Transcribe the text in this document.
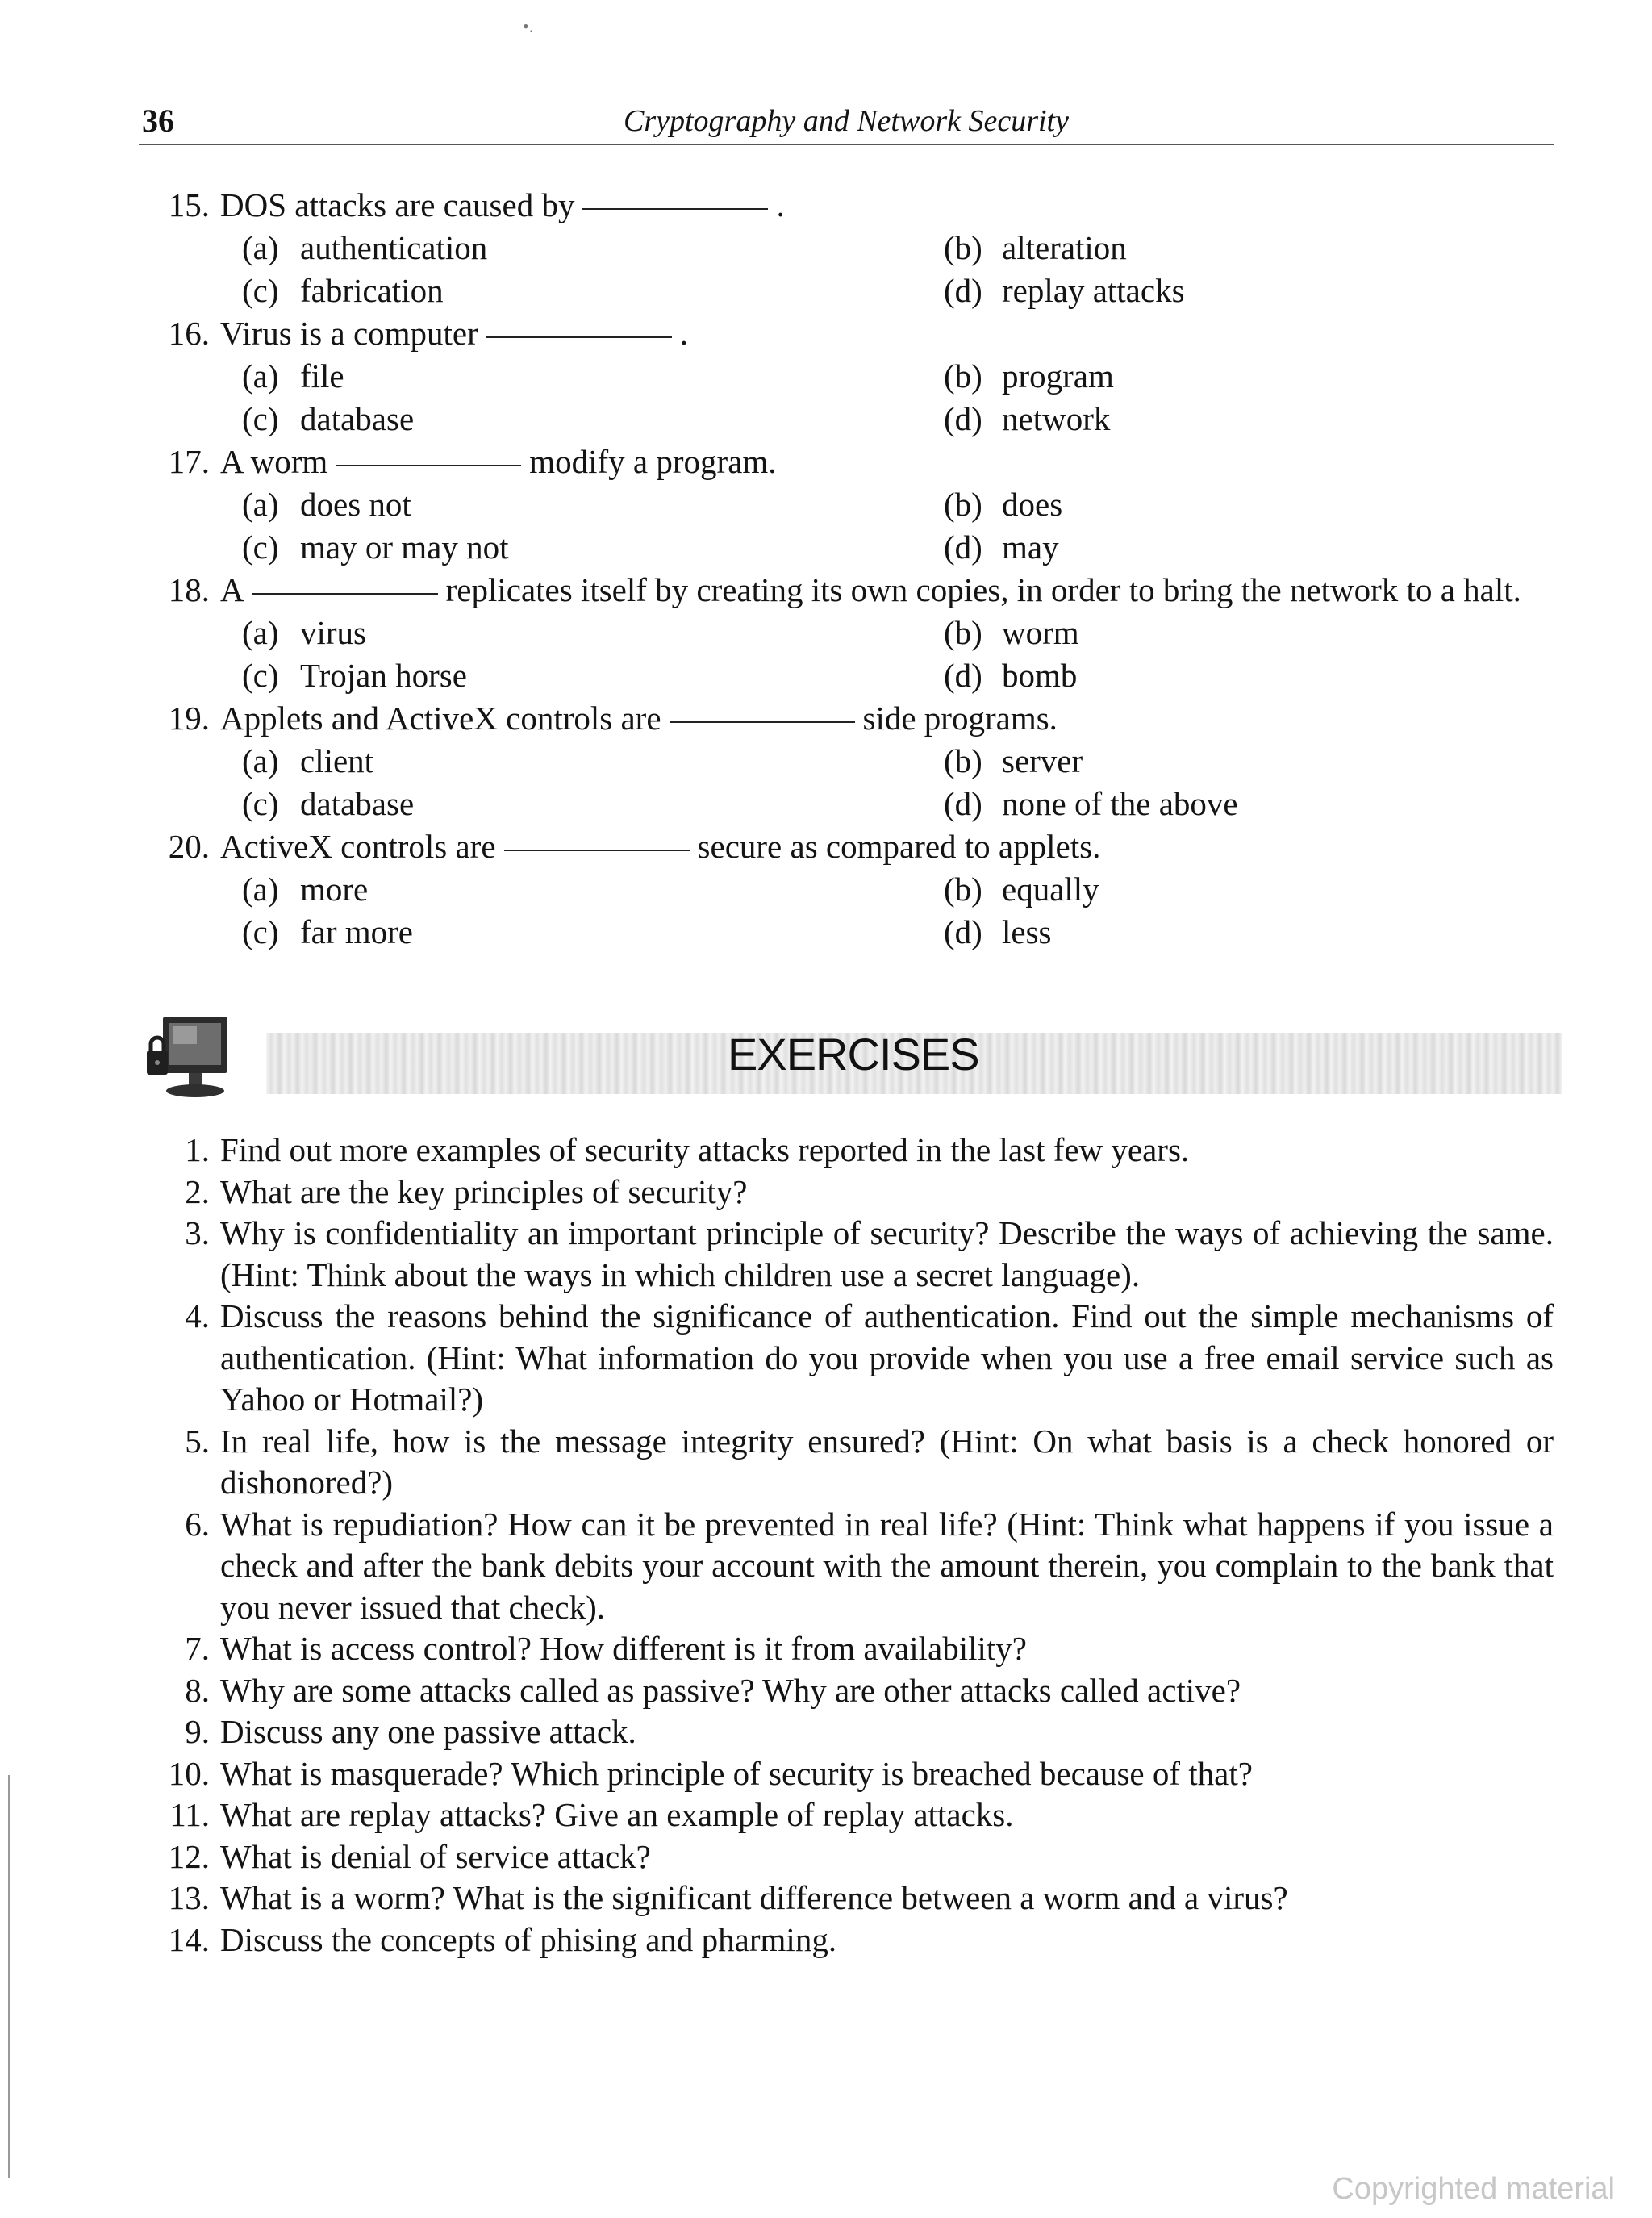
•.
36	Cryptography and Network Security
15. DOS attacks are caused by	.
(a) authentication	(b) alteration
(c) fabrication	(d) replay attacks
16. Virus is a computer	.
(a) file	(b) program
(c) database	(d) network
17. A worm	modify a program.
(a) does not	(b) does
(c) may or may not	(d) may
18. A	replicates itself by creating its own copies, in order to bring the network to a halt.
(a) virus	(b) worm
(c) Trojan horse	(d) bomb
19. Applets and ActiveX controls are	side programs.
(a) client	(b) server
(c) database	(d) none of the above
20. ActiveX controls are	secure as compared to applets.
(a) more	(b) equally
(c) far more	(d) less
EXERCISES
1. Find out more examples of security attacks reported in the last few years.
2. What are the key principles of security?
3. Why is confidentiality an important principle of security? Describe the ways of achieving the same. (Hint: Think about the ways in which children use a secret language).
4. Discuss the reasons behind the significance of authentication. Find out the simple mechanisms of authentication. (Hint: What information do you provide when you use a free email service such as Yahoo or Hotmail?)
5. In real life, how is the message integrity ensured? (Hint: On what basis is a check honored or dishonored?)
6. What is repudiation? How can it be prevented in real life? (Hint: Think what happens if you issue a check and after the bank debits your account with the amount therein, you complain to the bank that you never issued that check).
7. What is access control? How different is it from availability?
8. Why are some attacks called as passive? Why are other attacks called active?
9. Discuss any one passive attack.
10. What is masquerade? Which principle of security is breached because of that?
11. What are replay attacks? Give an example of replay attacks.
12. What is denial of service attack?
13. What is a worm? What is the significant difference between a worm and a virus?
14. Discuss the concepts of phising and pharming.
Copyrighted material
